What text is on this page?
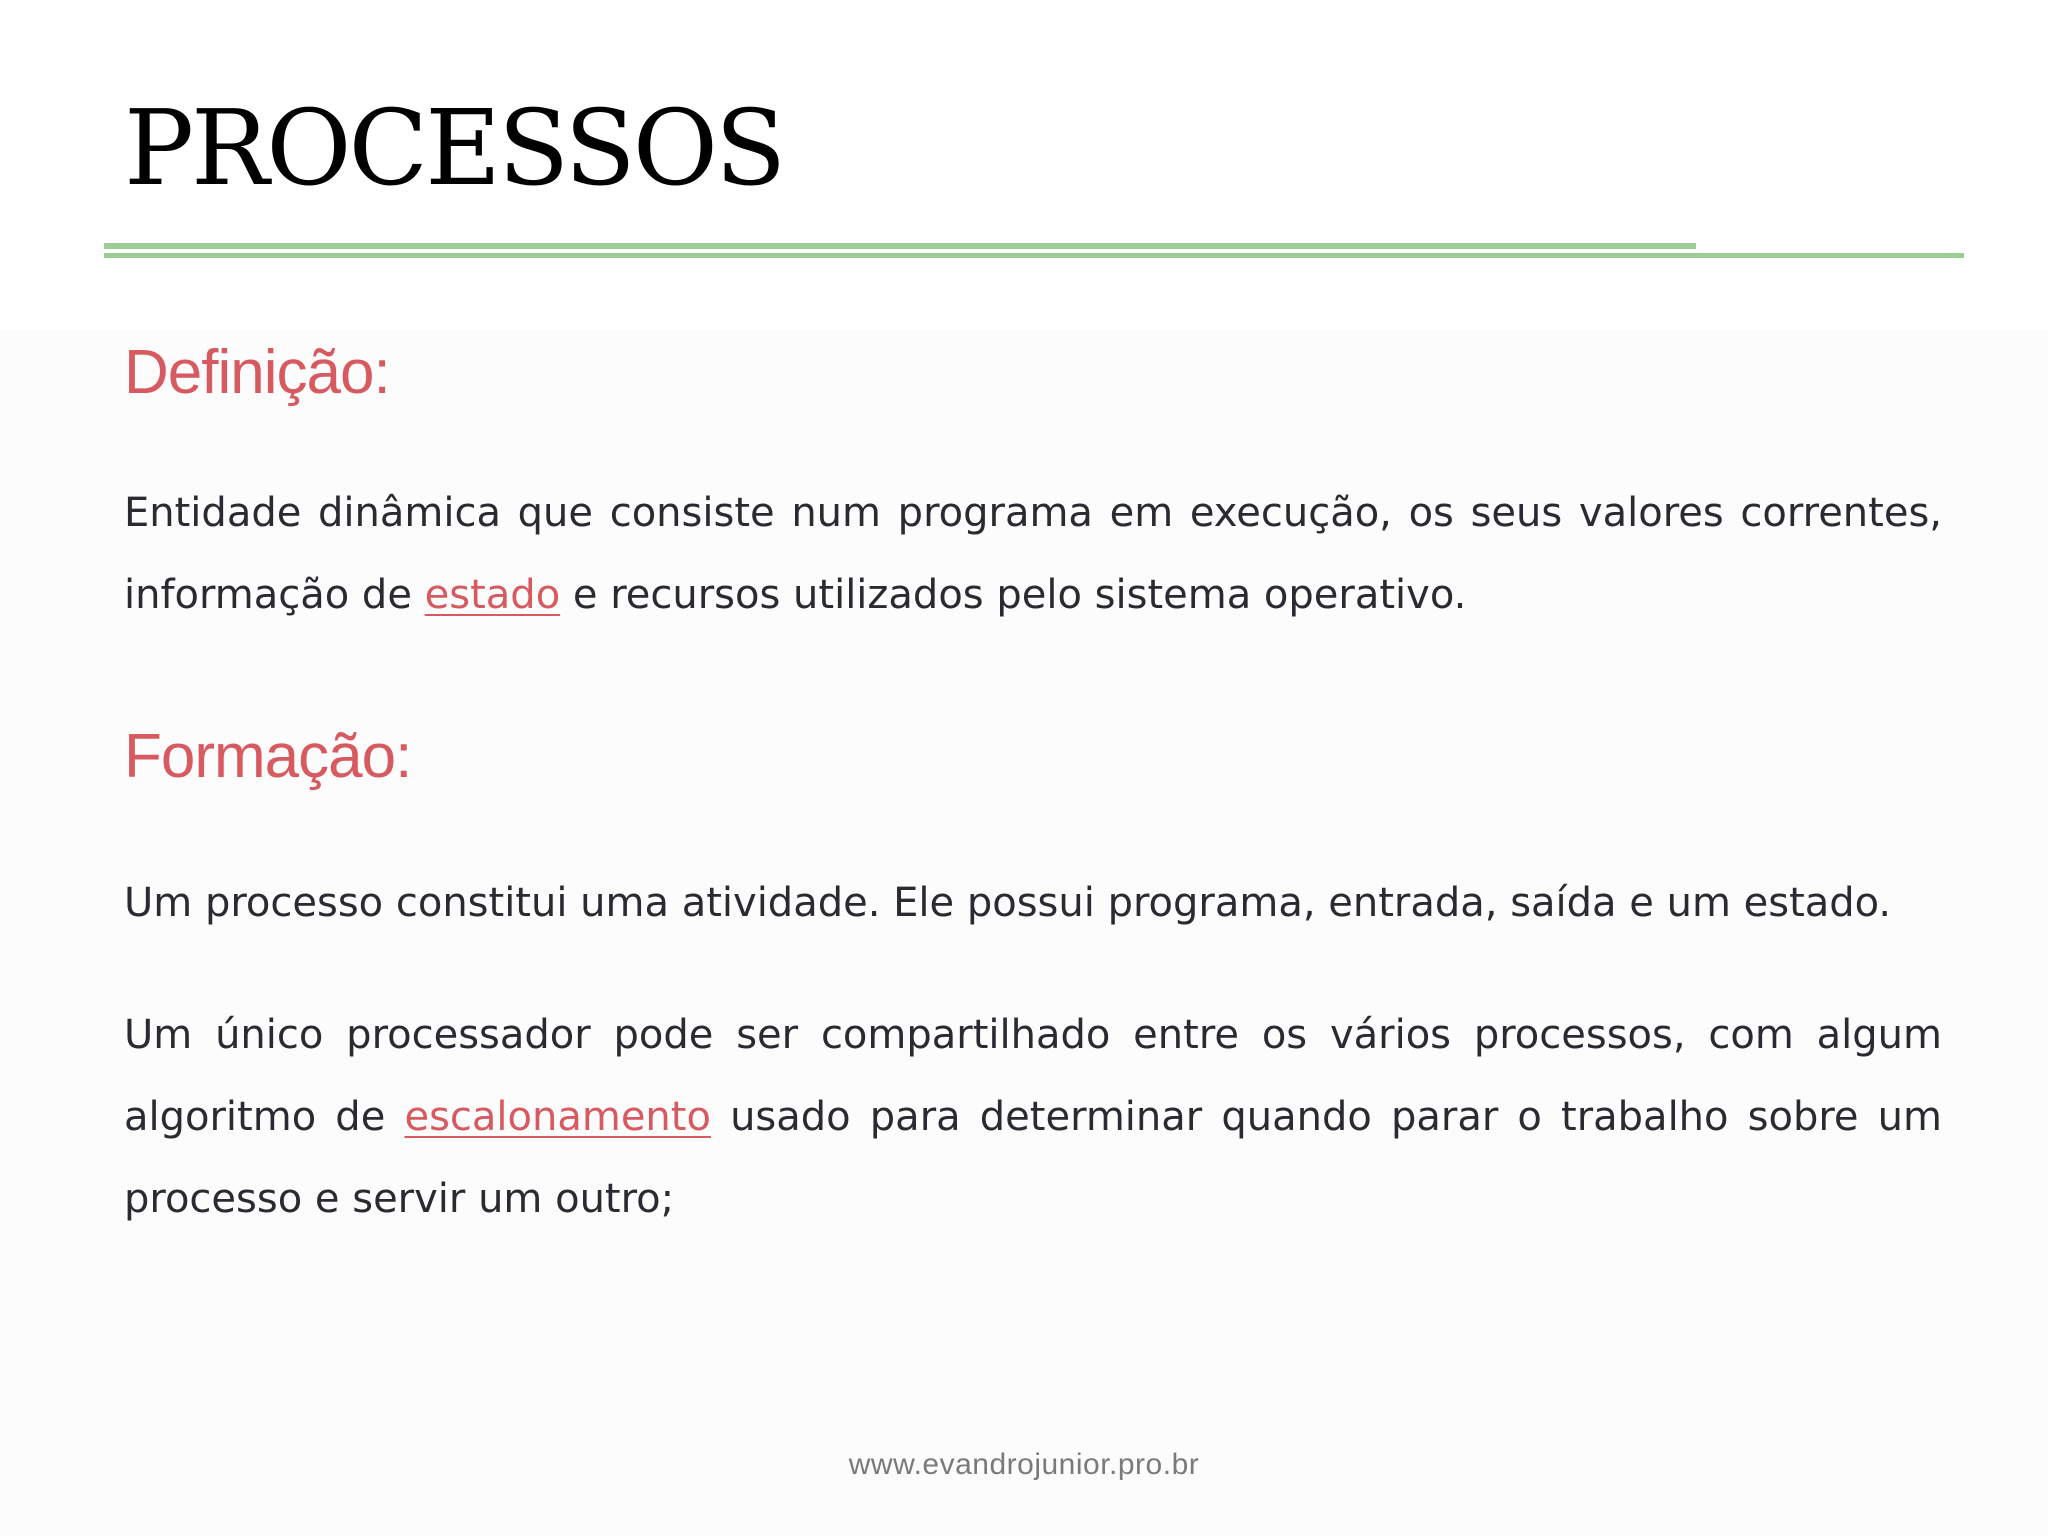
PROCESSOS
Definição:

Entidade dinâmica que consiste num programa em execução, os seus valores correntes, informação de estado e recursos utilizados pelo sistema operativo.

Formação:

Um processo constitui uma atividade. Ele possui programa, entrada, saída e um estado.

Um único processador pode ser compartilhado entre os vários processos, com algum algoritmo de escalonamento usado para determinar quando parar o trabalho sobre um processo e servir um outro;

www.evandrojunior.pro.br
